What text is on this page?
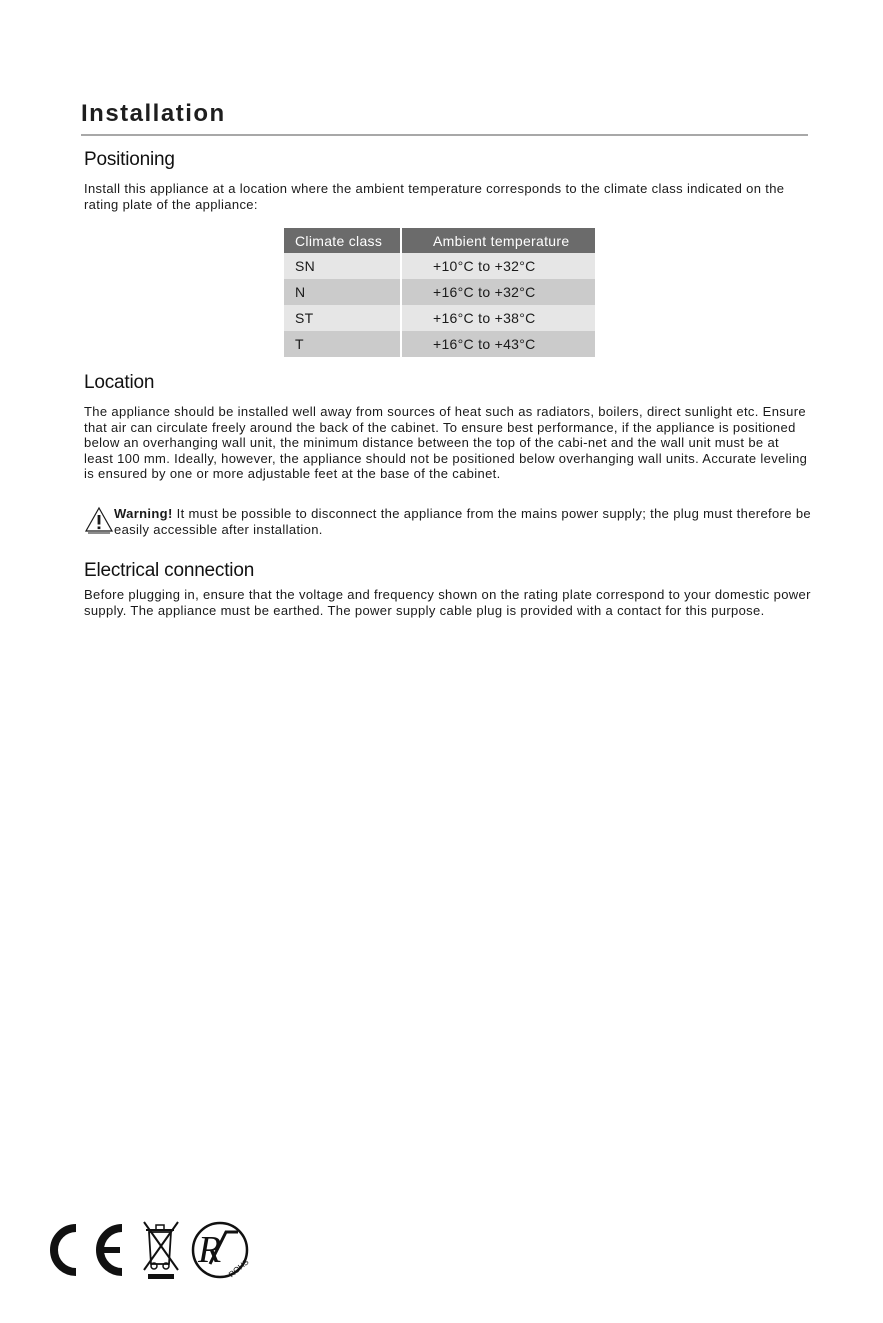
Installation
Positioning

Install this appliance at a location where the ambient temperature corresponds to the climate class indicated on the rating plate of the appliance:

Climate class	Ambient temperature
SN	+10°C to +32°C
N	+16°C to +32°C
ST	+16°C to +38°C
T	+16°C to +43°C
Location

The appliance should be installed well away from sources of heat such as radiators, boilers, direct sunlight etc. Ensure that air can circulate freely around the back of the cabinet. To ensure best performance, if the appliance is positioned below an overhanging wall unit, the minimum distance between the top of the cabi-net and the wall unit must be at least 100 mm. Ideally, however, the appliance should not be positioned below overhanging wall units. Accurate leveling is ensured by one or more adjustable feet at the base of the cabinet.

Warning! It must be possible to disconnect the appliance from the mains power supply; the plug must therefore be easily accessible after installation.
Electrical connection

Before plugging in, ensure that the voltage and frequency shown on the rating plate correspond to your domestic power supply. The appliance must be earthed. The power supply cable plug is provided with a contact for this purpose.

R ROHS
